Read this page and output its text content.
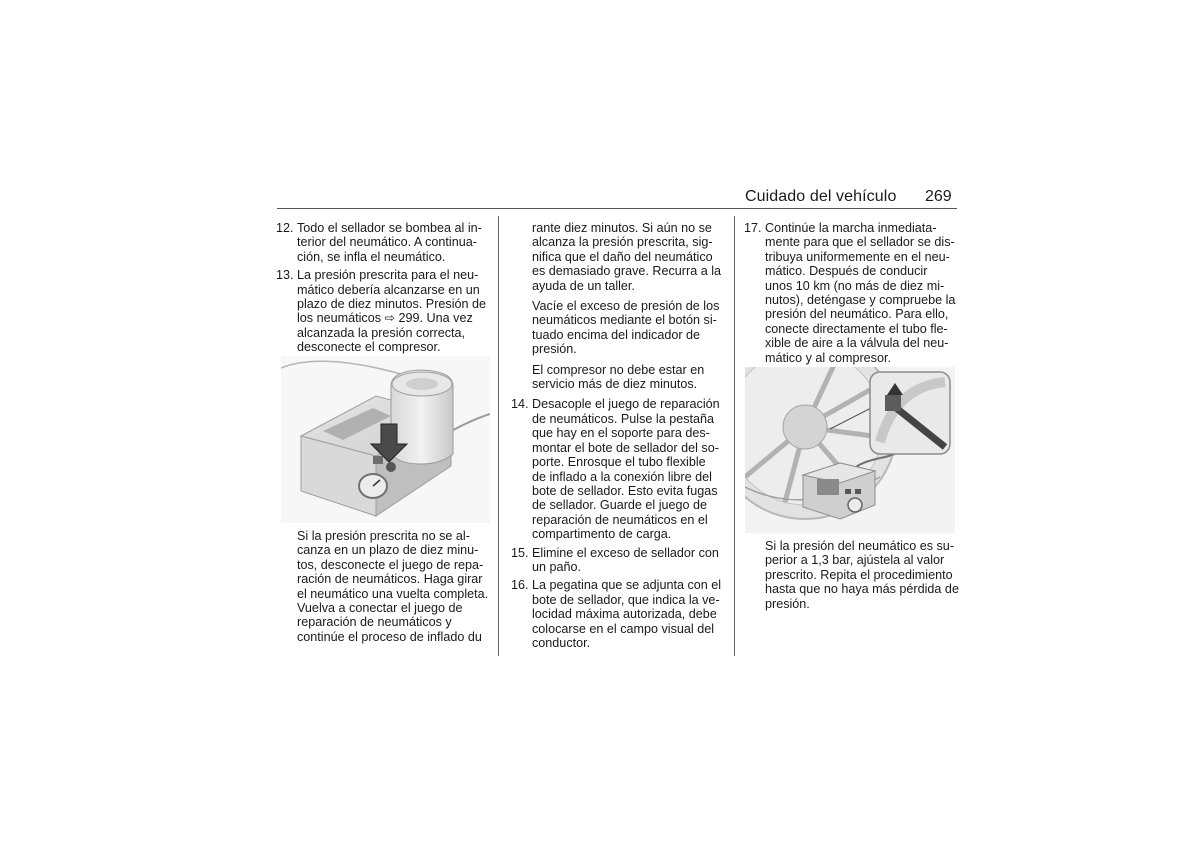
Cuidado del vehículo 269
12. Todo el sellador se bombea al interior del neumático. A continuación, se infla el neumático.
13. La presión prescrita para el neumático debería alcanzarse en un plazo de diez minutos. Presión de los neumáticos ⇨ 299. Una vez alcanzada la presión correcta, desconecte el compresor.
Si la presión prescrita no se alcanza en un plazo de diez minutos, desconecte el juego de reparación de neumáticos. Haga girar el neumático una vuelta completa. Vuelva a conectar el juego de reparación de neumáticos y continúe el proceso de inflado du
rante diez minutos. Si aún no se alcanza la presión prescrita, significa que el daño del neumático es demasiado grave. Recurra a la ayuda de un taller.
Vacíe el exceso de presión de los neumáticos mediante el botón situado encima del indicador de presión.
El compresor no debe estar en servicio más de diez minutos.
14. Desacople el juego de reparación de neumáticos. Pulse la pestaña que hay en el soporte para desmontar el bote de sellador del soporte. Enrosque el tubo flexible de inflado a la conexión libre del bote de sellador. Esto evita fugas de sellador. Guarde el juego de reparación de neumáticos en el compartimento de carga.
15. Elimine el exceso de sellador con un paño.
16. La pegatina que se adjunta con el bote de sellador, que indica la velocidad máxima autorizada, debe colocarse en el campo visual del conductor.
17. Continúe la marcha inmediatamente para que el sellador se distribuya uniformemente en el neumático. Después de conducir unos 10 km (no más de diez minutos), deténgase y compruebe la presión del neumático. Para ello, conecte directamente el tubo flexible de aire a la válvula del neumático y al compresor.
Si la presión del neumático es superior a 1,3 bar, ajústela al valor prescrito. Repita el procedimiento hasta que no haya más pérdida de presión.
